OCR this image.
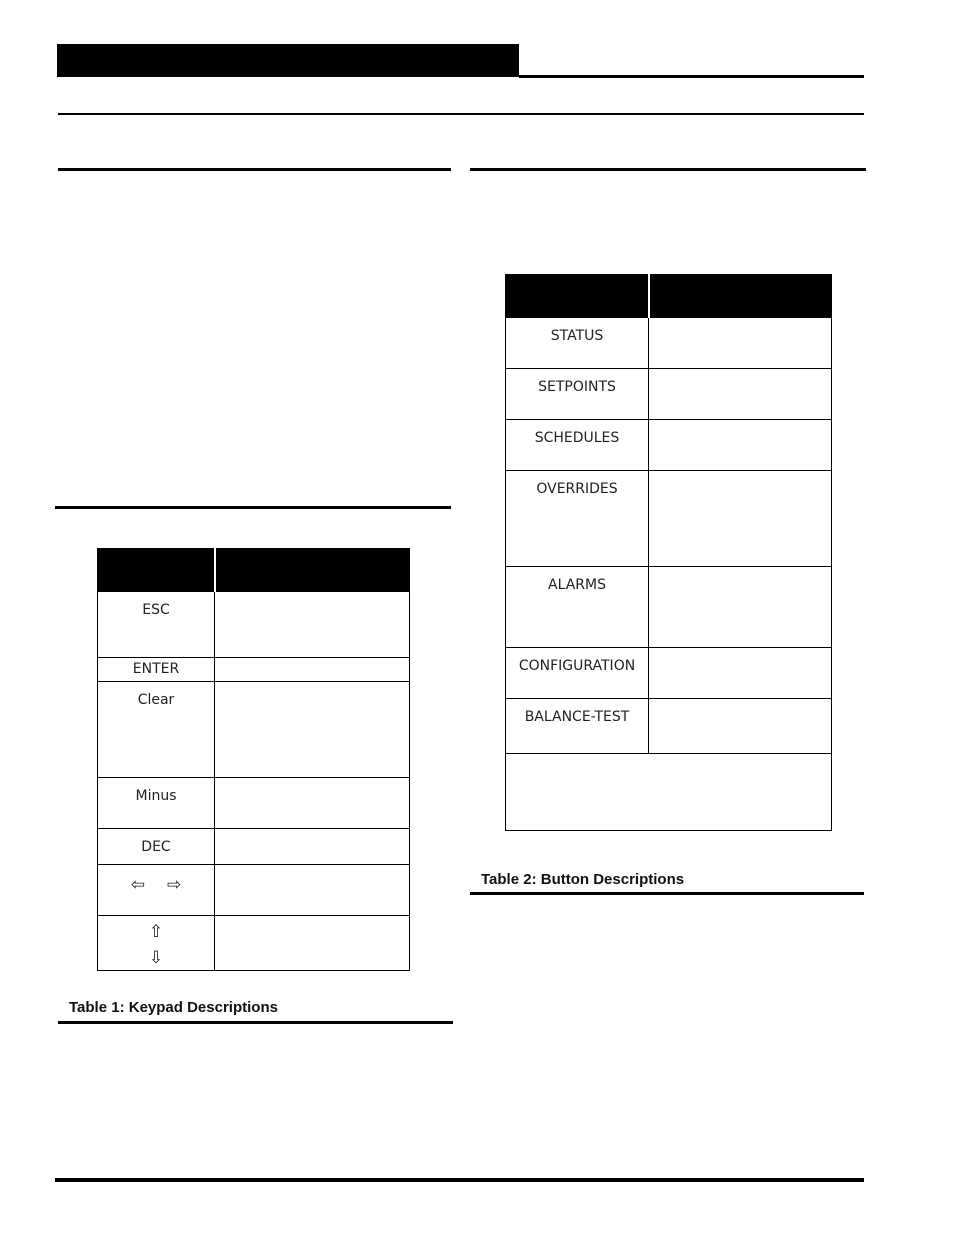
ESC	

ENTER	

Clear	

Minus	

DEC	

⇦ ⇨	

⇧
⇩	

Table 1: Keypad Descriptions

STATUS	

SETPOINTS	

SCHEDULES	

OVERRIDES	

ALARMS	

CONFIGURATION	

BALANCE-TEST	

Table 2: Button Descriptions
